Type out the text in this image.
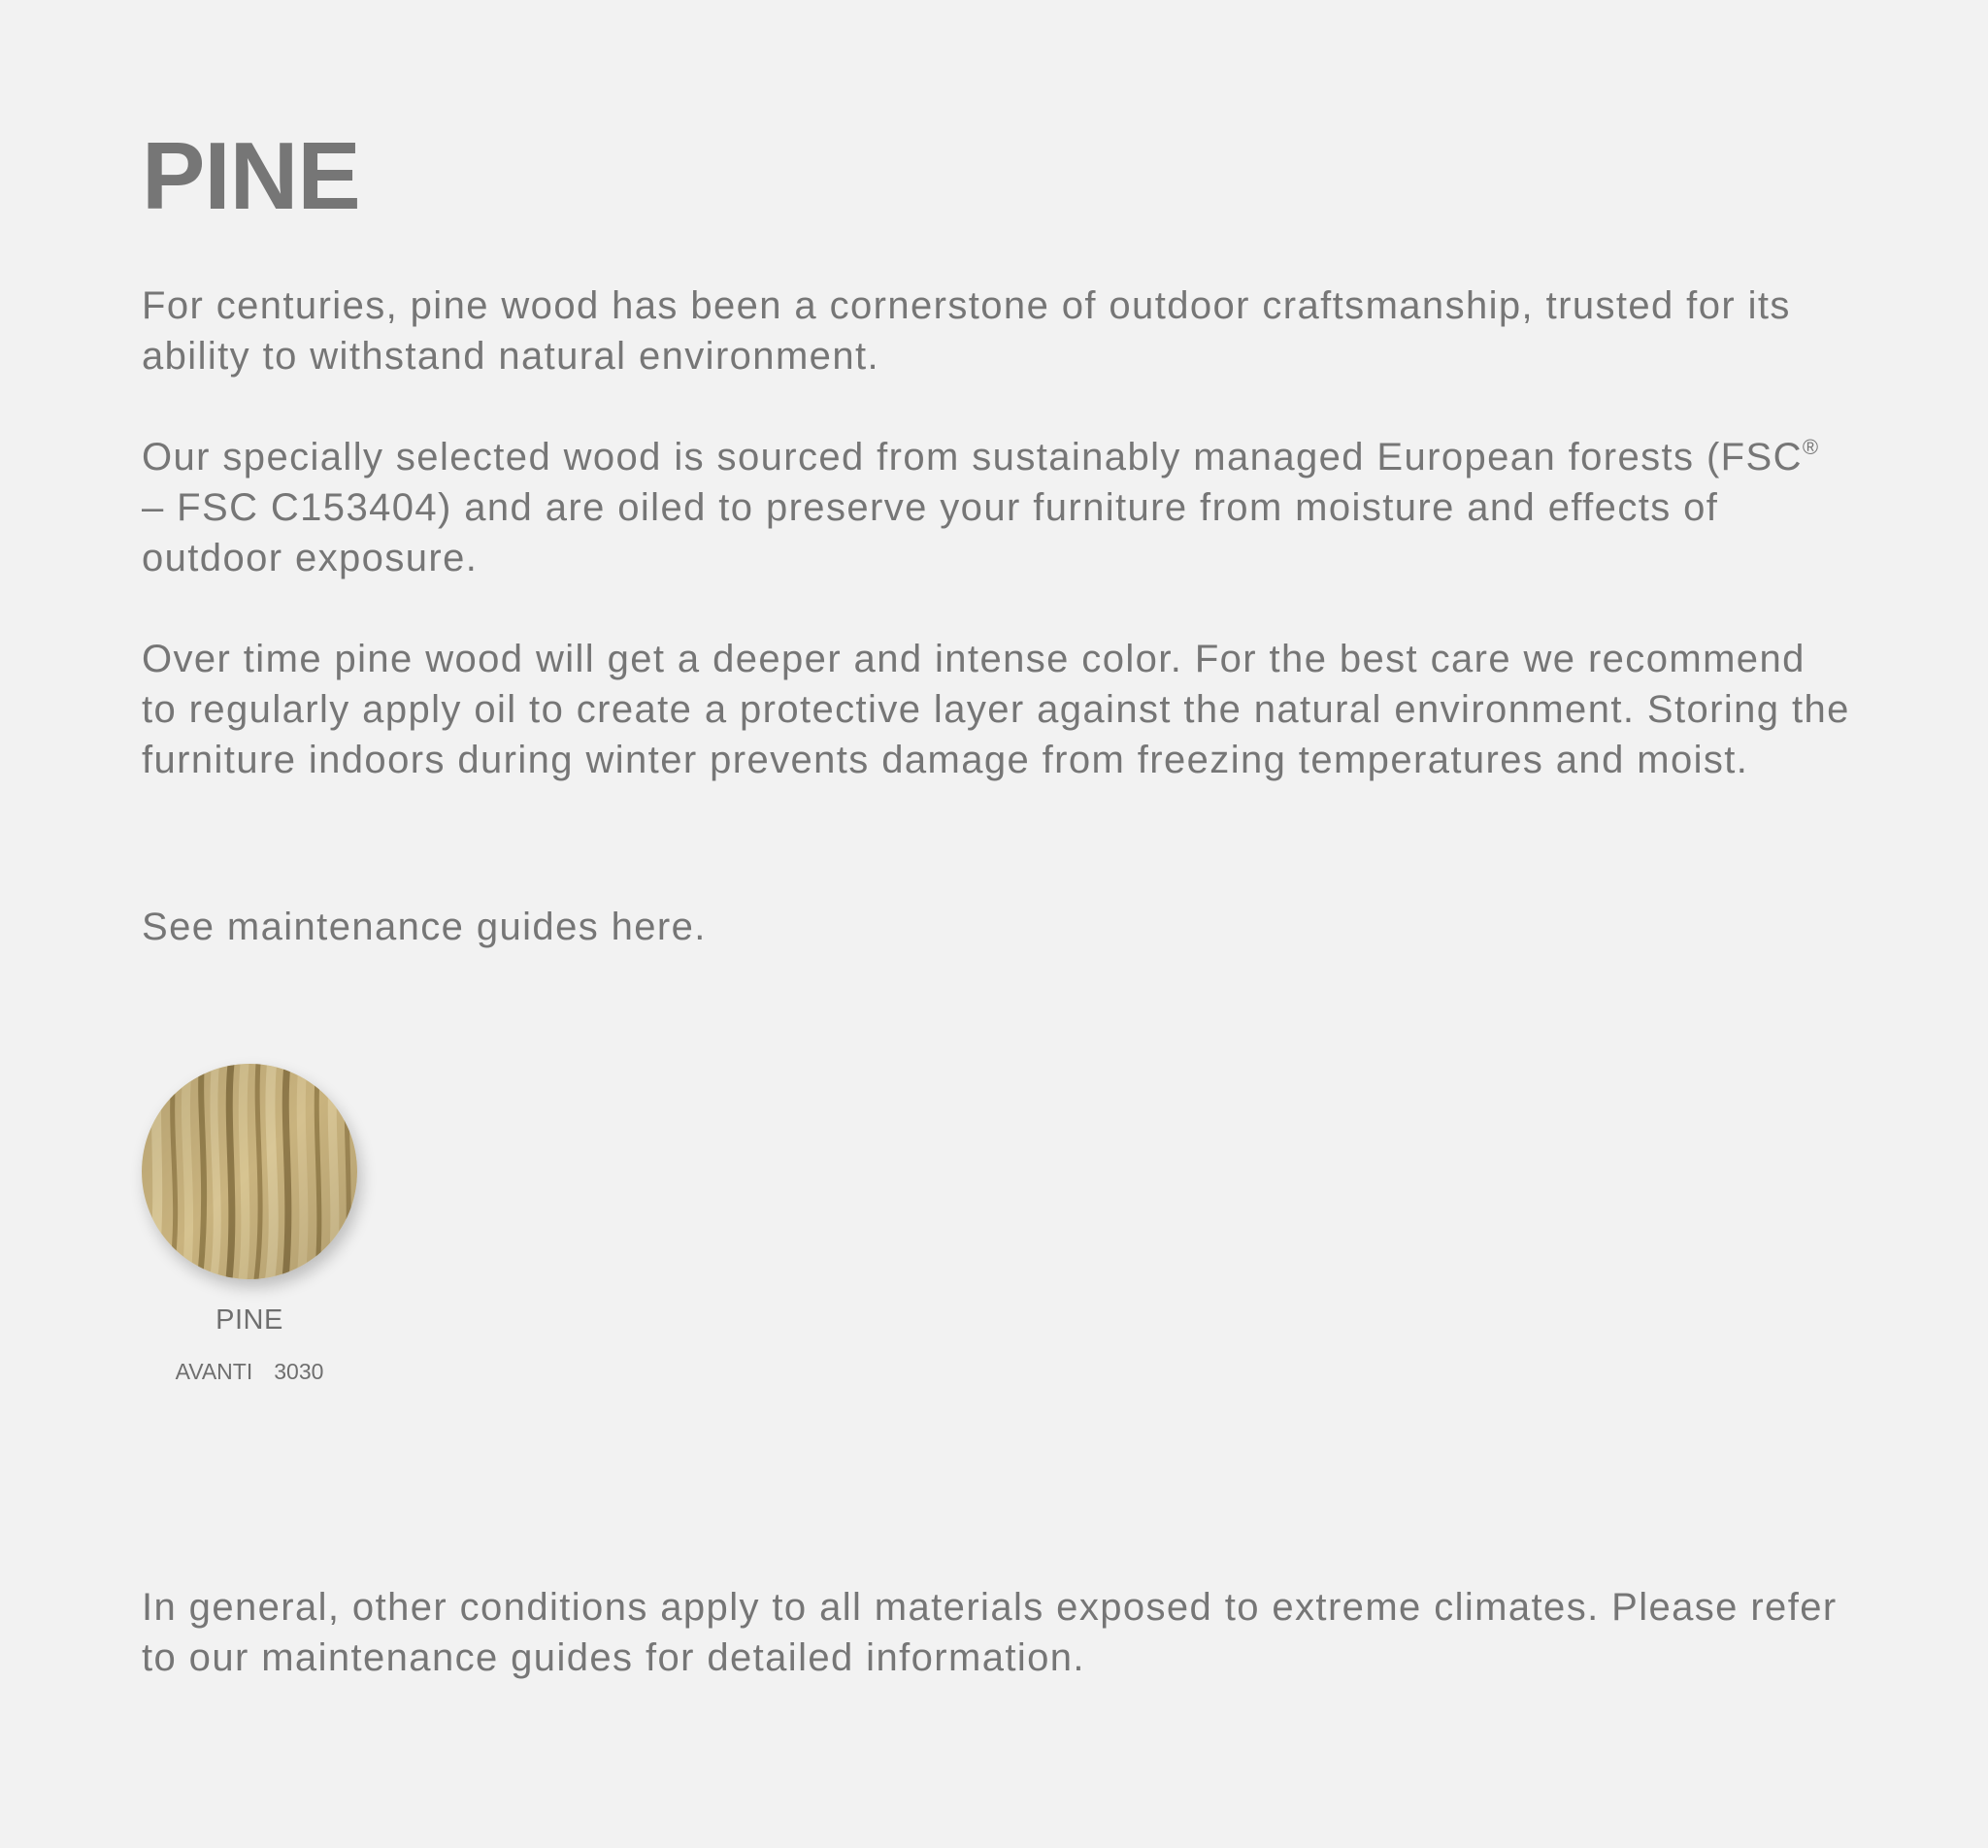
PINE

For centuries, pine wood has been a cornerstone of outdoor craftsmanship, trusted for its ability to withstand natural environment.

Our specially selected wood is sourced from sustainably managed European forests (FSC® – FSC C153404) and are oiled to preserve your furniture from moisture and effects of outdoor exposure.

Over time pine wood will get a deeper and intense color. For the best care we recommend to regularly apply oil to create a protective layer against the natural environment. Storing the furniture indoors during winter prevents damage from freezing temperatures and moist.

See maintenance guides here.

PINE

AVANTI 3030

In general, other conditions apply to all materials exposed to extreme climates. Please refer to our maintenance guides for detailed information.
